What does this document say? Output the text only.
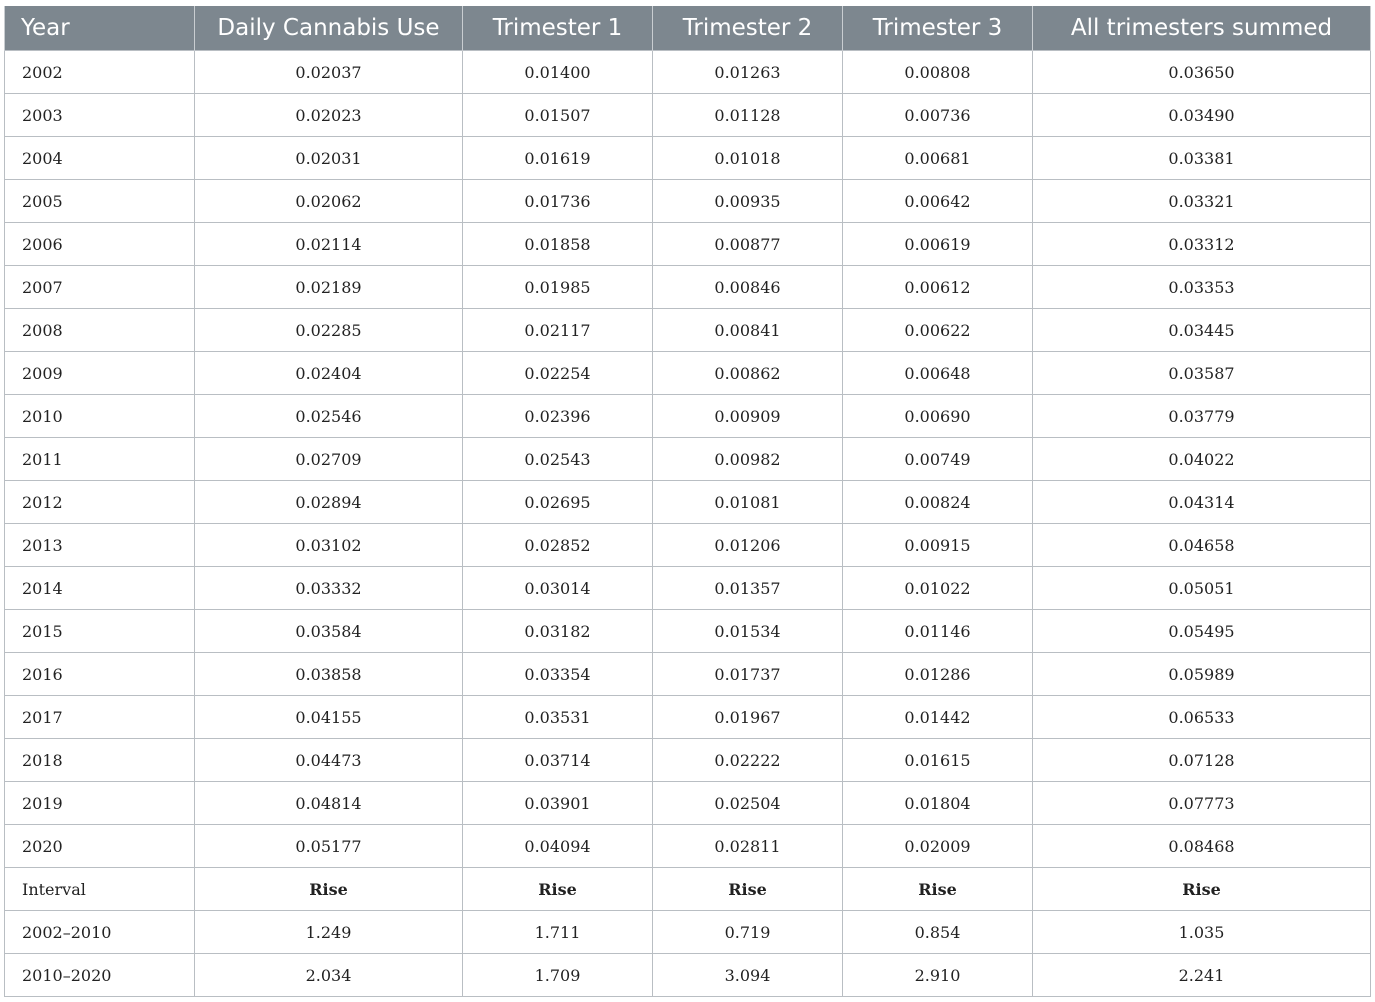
Year	Daily Cannabis Use	Trimester 1	Trimester 2	Trimester 3	All trimesters summed
2002	0.02037	0.01400	0.01263	0.00808	0.03650
2003	0.02023	0.01507	0.01128	0.00736	0.03490
2004	0.02031	0.01619	0.01018	0.00681	0.03381
2005	0.02062	0.01736	0.00935	0.00642	0.03321
2006	0.02114	0.01858	0.00877	0.00619	0.03312
2007	0.02189	0.01985	0.00846	0.00612	0.03353
2008	0.02285	0.02117	0.00841	0.00622	0.03445
2009	0.02404	0.02254	0.00862	0.00648	0.03587
2010	0.02546	0.02396	0.00909	0.00690	0.03779
2011	0.02709	0.02543	0.00982	0.00749	0.04022
2012	0.02894	0.02695	0.01081	0.00824	0.04314
2013	0.03102	0.02852	0.01206	0.00915	0.04658
2014	0.03332	0.03014	0.01357	0.01022	0.05051
2015	0.03584	0.03182	0.01534	0.01146	0.05495
2016	0.03858	0.03354	0.01737	0.01286	0.05989
2017	0.04155	0.03531	0.01967	0.01442	0.06533
2018	0.04473	0.03714	0.02222	0.01615	0.07128
2019	0.04814	0.03901	0.02504	0.01804	0.07773
2020	0.05177	0.04094	0.02811	0.02009	0.08468
Interval	Rise	Rise	Rise	Rise	Rise
2002–2010	1.249	1.711	0.719	0.854	1.035
2010–2020	2.034	1.709	3.094	2.910	2.241
